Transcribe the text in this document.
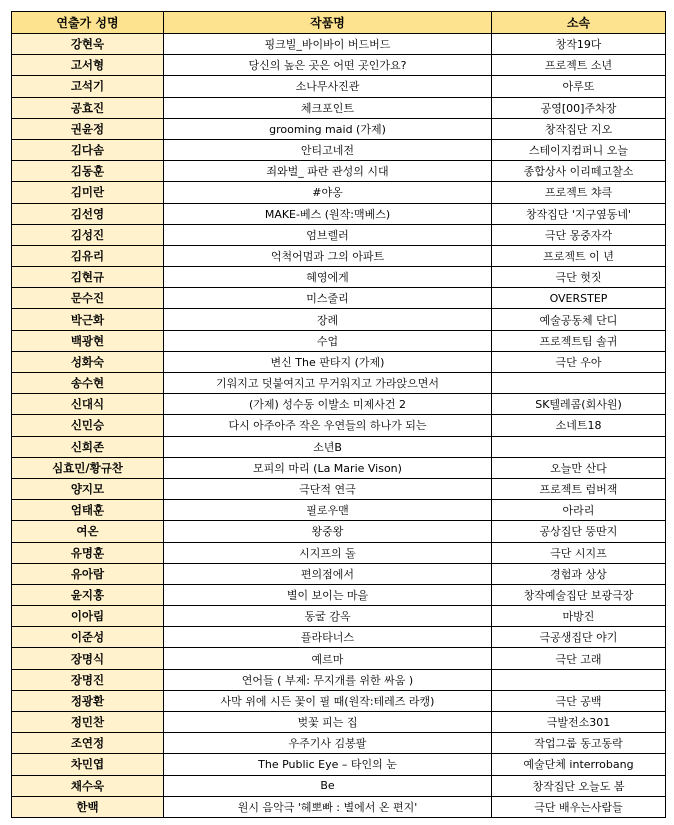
연출가 성명	작품명	소속
강현욱	핑크빌_바이바이 버드버드	창작19다
고서형	당신의 높은 곳은 어떤 곳인가요?	프로젝트 소년
고석기	소나무사진관	아루또
공효진	체크포인트	공영[00]주차장
권윤정	grooming maid (가제)	창작집단 지오
김다솜	안티고네전	스테이지컴퍼니 오늘
김동훈	죄와벌_ 파란 관성의 시대	종합상사 이리떼고찰소
김미란	#야옹	프로젝트 챠큭
김선영	MAKE-베스 (원작:맥베스)	창작집단 '지구옆동네'
김성진	엄브렐러	극단 몽중자각
김유리	억척어멈과 그의 아파트	프로젝트 이 년
김현규	혜영에게	극단 헛짓
문수진	미스줄리	OVERSTEP
박근화	장례	예술공동체 단디
백광현	수업	프로젝트팀 솔귀
성화숙	변신 The 판타지 (가제)	극단 우아
송수현	기워지고 덧붙여지고 무거워지고 가라앉으면서	
신대식	(가제) 성수동 이발소 미제사건 2	SK텔레콤(회사원)
신민승	다시 아주아주 작은 우연들의 하나가 되는	소네트18
신희존	소년B	
심효민/황규찬	모피의 마리 (La Marie Vison)	오늘만 산다
양지모	극단적 연극	프로젝트 럼버잭
엄태훈	필로우맨	아라리
여온	왕중왕	공상집단 뚱딴지
유명훈	시지프의 돌	극단 시지프
유아람	편의점에서	경험과 상상
윤지홍	별이 보이는 마을	창작예술집단 보광극장
이아림	동굴 감옥	마방진
이준성	플라타너스	극공생집단 야기
장명식	예르마	극단 고래
장명진	연어들 ( 부제: 무지개를 위한 싸움 )	
정광환	사막 위에 시든 꽃이 필 때(원작:테레즈 라캥)	극단 공백
정민찬	벚꽃 피는 집	극발전소301
조연정	우주기사 김봉팔	작업그룹 동고동락
차민엽	The Public Eye – 타인의 눈	예술단체 interrobang
채수욱	Be	창작집단 오늘도 봄
한백	원시 음악극 '헤뽀빠 : 별에서 온 편지'	극단 배우는사람들
